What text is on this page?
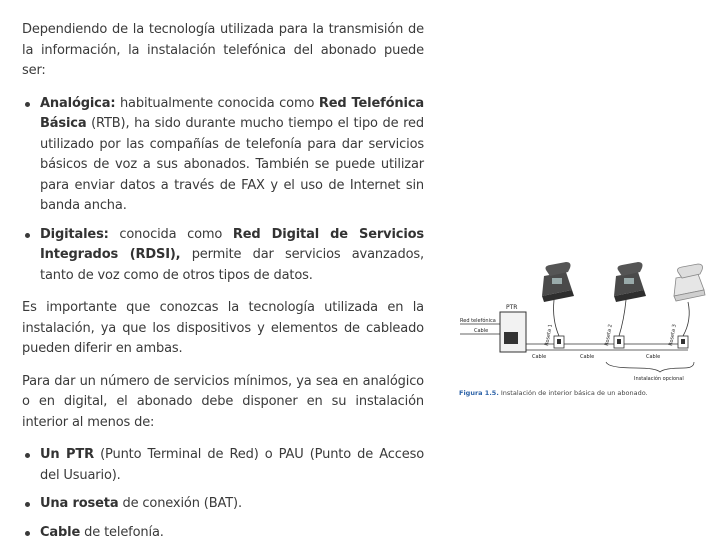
Dependiendo de la tecnología utilizada para la transmisión de la información, la instalación telefónica del abonado puede ser:

Analógica: habitualmente conocida como Red Telefónica Básica (RTB), ha sido durante mucho tiempo el tipo de red utilizado por las compañías de telefonía para dar servicios básicos de voz a sus abonados. También se puede utilizar para enviar datos a través de FAX y el uso de Internet sin banda ancha.
Digitales: conocida como Red Digital de Servicios Integrados (RDSI), permite dar servicios avanzados, tanto de voz como de otros tipos de datos.

Es importante que conozcas la tecnología utilizada en la instalación, ya que los dispositivos y elementos de cableado pueden diferir en ambas.

Para dar un número de servicios mínimos, ya sea en analógico o en digital, el abonado debe disponer en su instalación interior al menos de:

Un PTR (Punto Terminal de Red) o PAU (Punto de Acceso del Usuario).
Una roseta de conexión (BAT).
Cable de telefonía.
PTR
Red telefónica
Cable	Roseta 1	Roseta 2	Roseta 3
Cable	Cable	Cable
Instalación opcional
Figura 1.5. Instalación de interior básica de un abonado.
